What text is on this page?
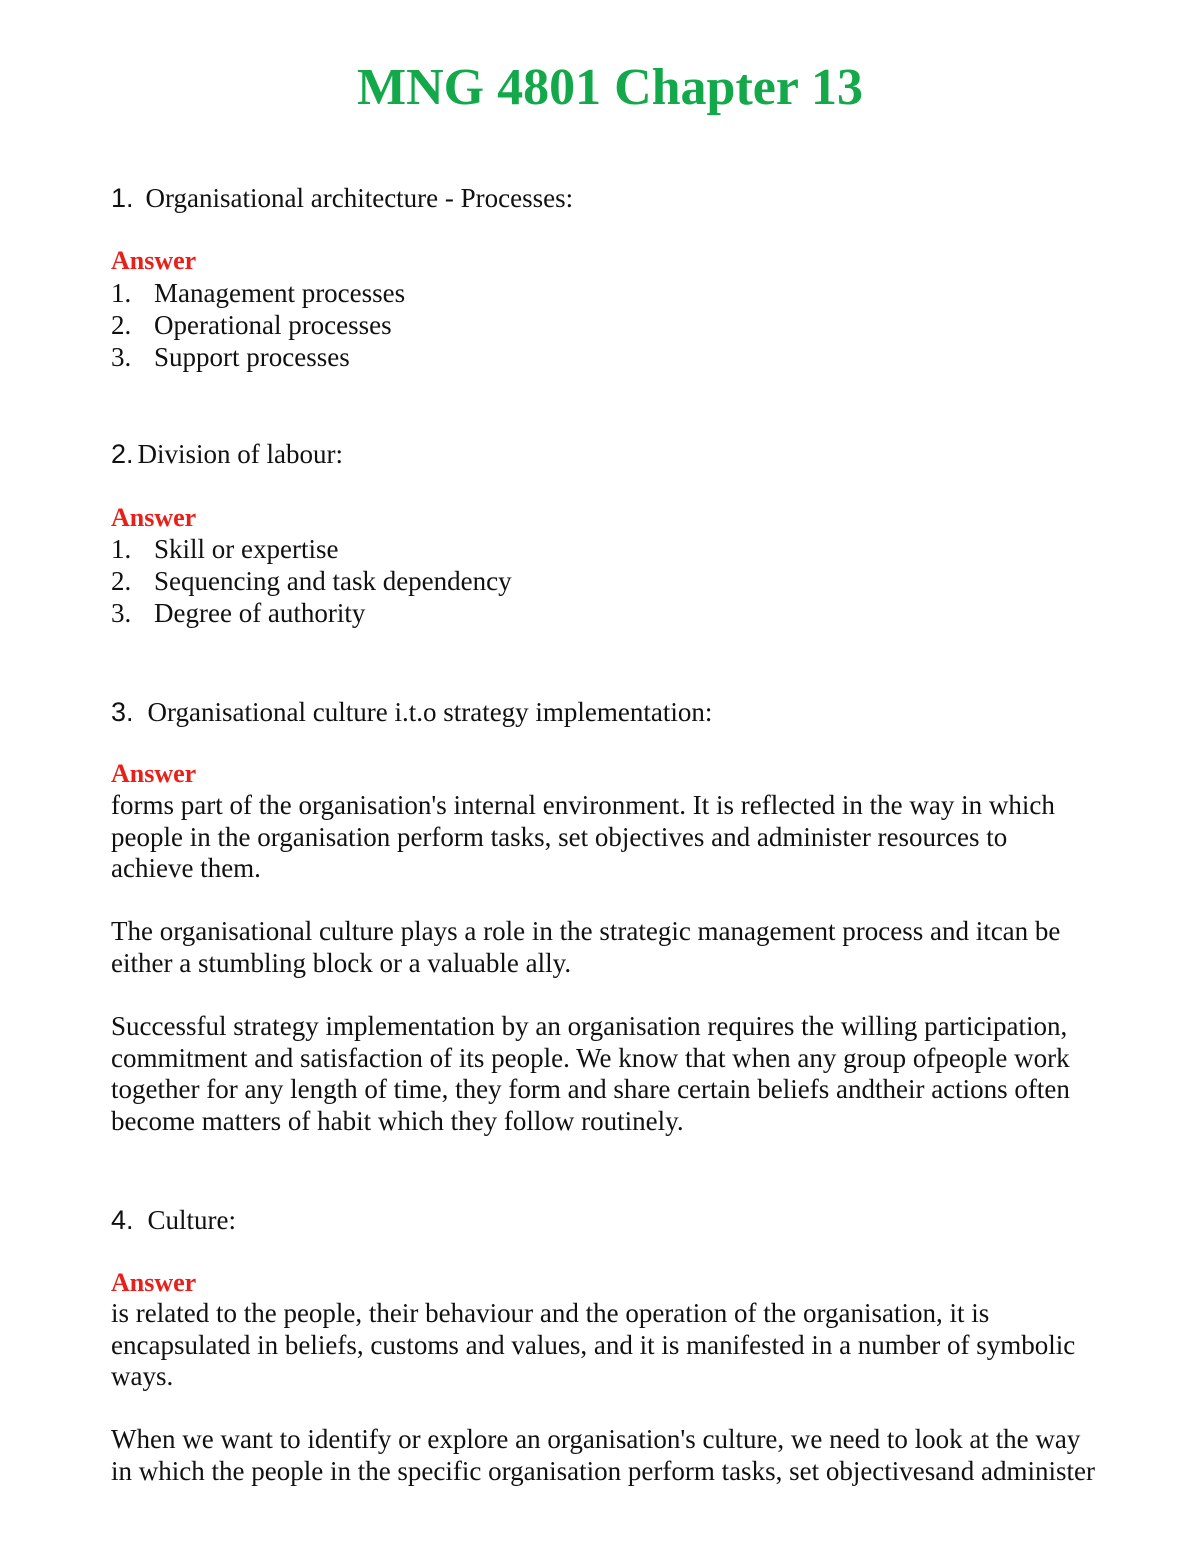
MNG 4801 Chapter 13

1. Organisational architecture - Processes:

Answer

1. Management processes
2. Operational processes
3. Support processes

2. Division of labour:

Answer

1. Skill or expertise
2. Sequencing and task dependency
3. Degree of authority

3. Organisational culture i.t.o strategy implementation:

Answer

forms part of the organisation's internal environment. It is reflected in the way in which
people in the organisation perform tasks, set objectives and administer resources to
achieve them.

The organisational culture plays a role in the strategic management process and itcan be
either a stumbling block or a valuable ally.

Successful strategy implementation by an organisation requires the willing participation,
commitment and satisfaction of its people. We know that when any group ofpeople work
together for any length of time, they form and share certain beliefs andtheir actions often
become matters of habit which they follow routinely.

4. Culture:

Answer

is related to the people, their behaviour and the operation of the organisation, it is
encapsulated in beliefs, customs and values, and it is manifested in a number of symbolic
ways.

When we want to identify or explore an organisation's culture, we need to look at the way
in which the people in the specific organisation perform tasks, set objectivesand administer
